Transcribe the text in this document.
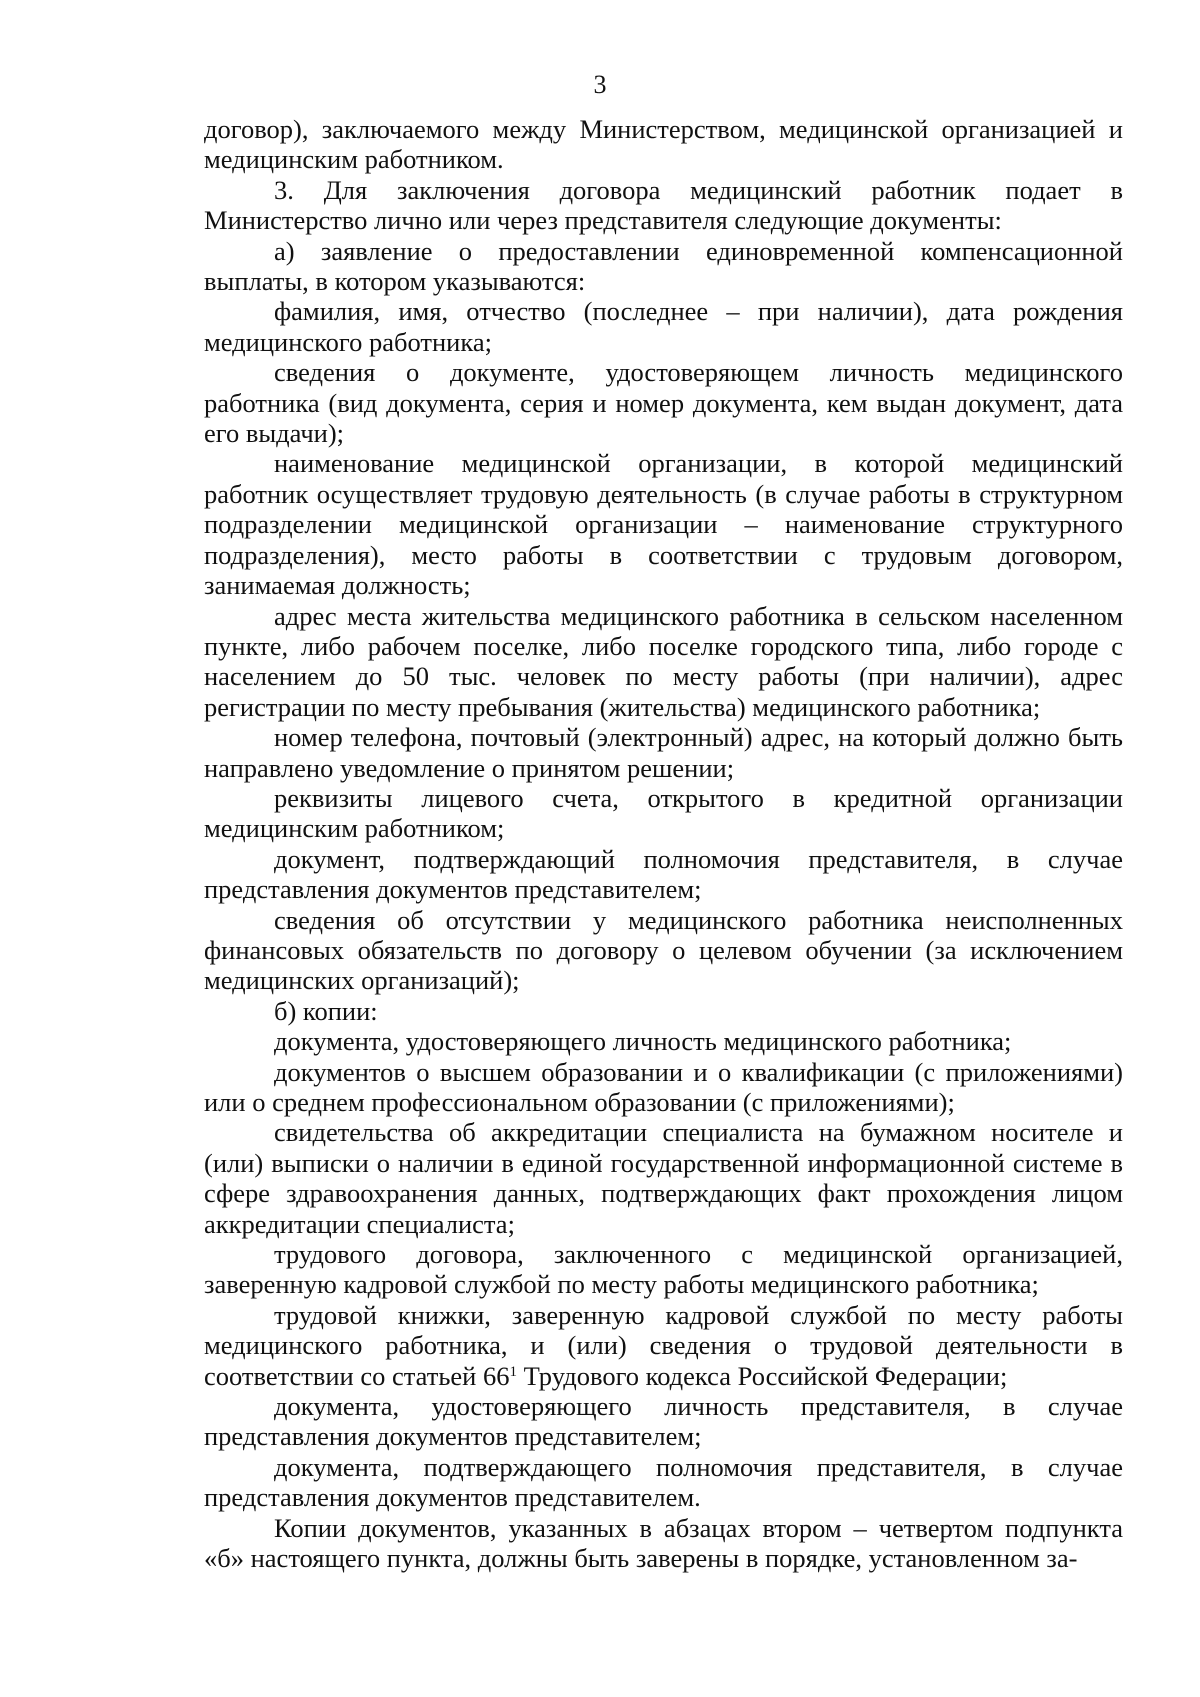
3

договор), заключаемого между Министерством, медицинской организацией и медицинским работником.

3. Для заключения договора медицинский работник подает в Министерство лично или через представителя следующие документы:

а) заявление о предоставлении единовременной компенсационной выплаты, в котором указываются:

фамилия, имя, отчество (последнее – при наличии), дата рождения медицинского работника;

сведения о документе, удостоверяющем личность медицинского работника (вид документа, серия и номер документа, кем выдан документ, дата его выдачи);

наименование медицинской организации, в которой медицинский работник осуществляет трудовую деятельность (в случае работы в структурном подразделении медицинской организации – наименование структурного подразделения), место работы в соответствии с трудовым договором, занимаемая должность;

адрес места жительства медицинского работника в сельском населенном пункте, либо рабочем поселке, либо поселке городского типа, либо городе с населением до 50 тыс. человек по месту работы (при наличии), адрес регистрации по месту пребывания (жительства) медицинского работника;

номер телефона, почтовый (электронный) адрес, на который должно быть направлено уведомление о принятом решении;

реквизиты лицевого счета, открытого в кредитной организации медицинским работником;

документ, подтверждающий полномочия представителя, в случае представления документов представителем;

сведения об отсутствии у медицинского работника неисполненных финансовых обязательств по договору о целевом обучении (за исключением медицинских организаций);

б) копии:

документа, удостоверяющего личность медицинского работника;

документов о высшем образовании и о квалификации (с приложениями) или о среднем профессиональном образовании (с приложениями);

свидетельства об аккредитации специалиста на бумажном носителе и (или) выписки о наличии в единой государственной информационной системе в сфере здравоохранения данных, подтверждающих факт прохождения лицом аккредитации специалиста;

трудового договора, заключенного с медицинской организацией, заверенную кадровой службой по месту работы медицинского работника;

трудовой книжки, заверенную кадровой службой по месту работы медицинского работника, и (или) сведения о трудовой деятельности в соответствии со статьей $66^1$ Трудового кодекса Российской Федерации;

документа, удостоверяющего личность представителя, в случае представления документов представителем;

документа, подтверждающего полномочия представителя, в случае представления документов представителем.

Копии документов, указанных в абзацах втором – четвертом подпункта «б» настоящего пункта, должны быть заверены в порядке, установленном за-
